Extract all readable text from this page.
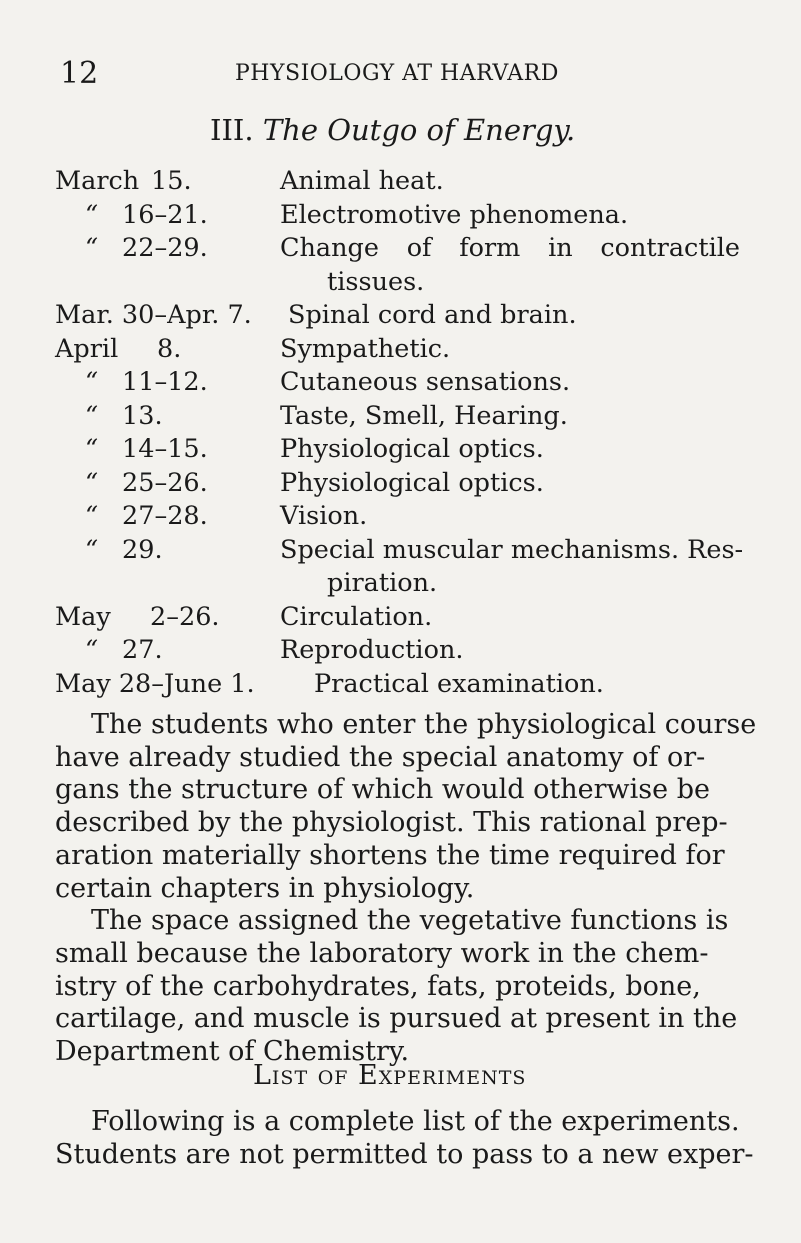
12	PHYSIOLOGY AT HARVARD
III. The Outgo of Energy.
March 15.	Animal heat.
“ 16–21.	Electromotive phenomena.
“ 22–29.	Change of form in contractile
tissues.
Mar. 30–Apr. 7. Spinal cord and brain.
April 8.	Sympathetic.
“ 11–12.	Cutaneous sensations.
“ 13.	Taste, Smell, Hearing.
“ 14–15.	Physiological optics.
“ 25–26.	Physiological optics.
“ 27–28.	Vision.
“ 29.	Special muscular mechanisms. Res-
piration.
May 2–26. Circulation.
“ 27.	Reproduction.
May 28–June 1. Practical examination.
The students who enter the physiological course
have already studied the special anatomy of or-
gans the structure of which would otherwise be
described by the physiologist. This rational prep-
aration materially shortens the time required for
certain chapters in physiology.
The space assigned the vegetative functions is
small because the laboratory work in the chem-
istry of the carbohydrates, fats, proteids, bone,
cartilage, and muscle is pursued at present in the
Department of Chemistry.
List of Experiments
Following is a complete list of the experiments.
Students are not permitted to pass to a new exper-
